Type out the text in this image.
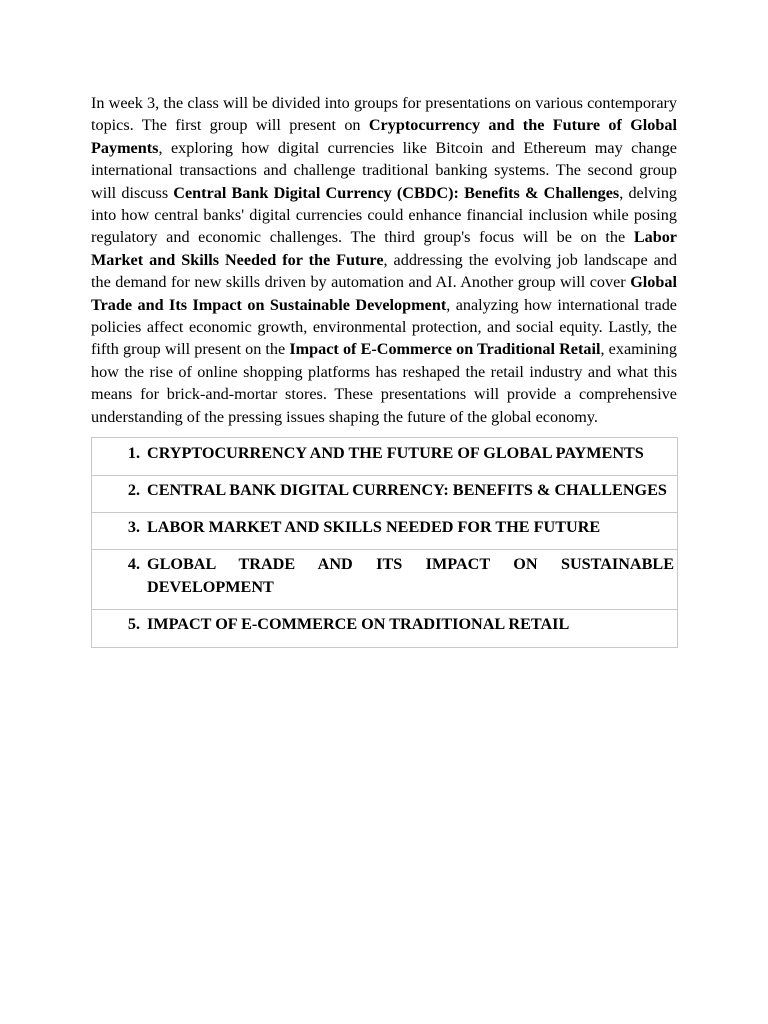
In week 3, the class will be divided into groups for presentations on various contemporary topics. The first group will present on Cryptocurrency and the Future of Global Payments, exploring how digital currencies like Bitcoin and Ethereum may change international transactions and challenge traditional banking systems. The second group will discuss Central Bank Digital Currency (CBDC): Benefits & Challenges, delving into how central banks' digital currencies could enhance financial inclusion while posing regulatory and economic challenges. The third group's focus will be on the Labor Market and Skills Needed for the Future, addressing the evolving job landscape and the demand for new skills driven by automation and AI. Another group will cover Global Trade and Its Impact on Sustainable Development, analyzing how international trade policies affect economic growth, environmental protection, and social equity. Lastly, the fifth group will present on the Impact of E-Commerce on Traditional Retail, examining how the rise of online shopping platforms has reshaped the retail industry and what this means for brick-and-mortar stores. These presentations will provide a comprehensive understanding of the pressing issues shaping the future of the global economy.

1. CRYPTOCURRENCY AND THE FUTURE OF GLOBAL PAYMENTS

2. CENTRAL BANK DIGITAL CURRENCY: BENEFITS & CHALLENGES

3. LABOR MARKET AND SKILLS NEEDED FOR THE FUTURE

4. GLOBAL TRADE AND ITS IMPACT ON SUSTAINABLE DEVELOPMENT

5. IMPACT OF E-COMMERCE ON TRADITIONAL RETAIL
